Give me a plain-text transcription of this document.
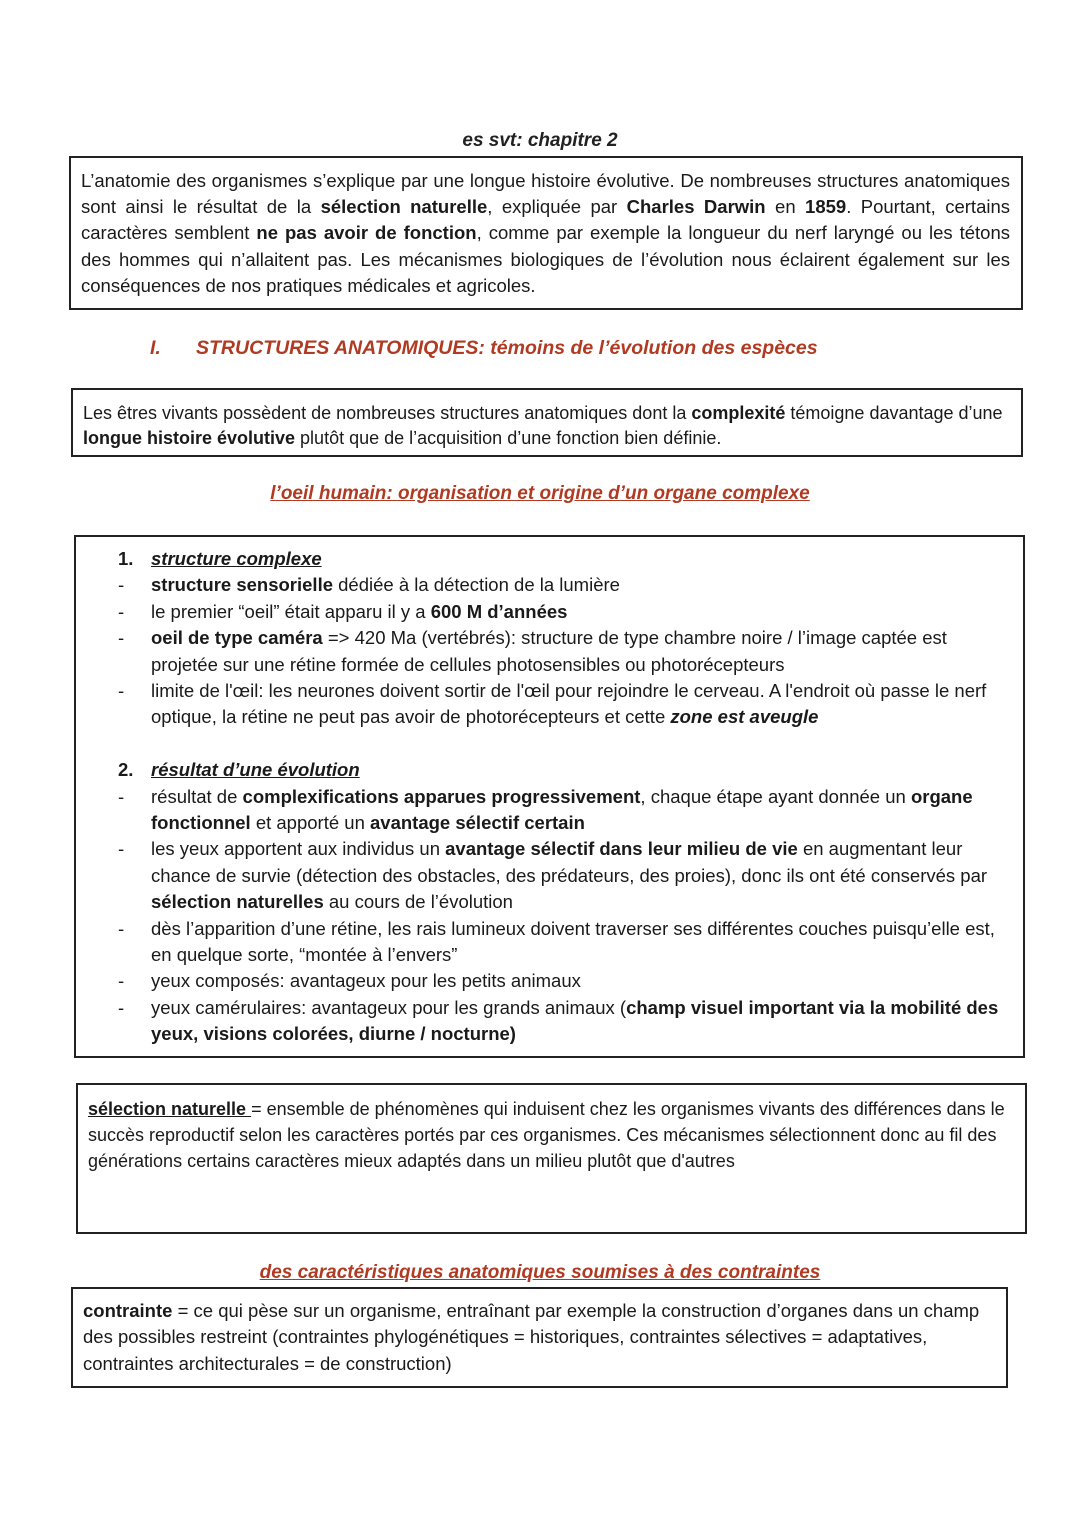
es svt: chapitre 2

L’anatomie des organismes s’explique par une longue histoire évolutive. De nombreuses structures anatomiques sont ainsi le résultat de la sélection naturelle, expliquée par Charles Darwin en 1859. Pourtant, certains caractères semblent ne pas avoir de fonction, comme par exemple la longueur du nerf laryngé ou les tétons des hommes qui n’allaitent pas. Les mécanismes biologiques de l’évolution nous éclairent également sur les conséquences de nos pratiques médicales et agricoles.

I. STRUCTURES ANATOMIQUES: témoins de l’évolution des espèces

Les êtres vivants possèdent de nombreuses structures anatomiques dont la complexité témoigne davantage d’une longue histoire évolutive plutôt que de l’acquisition d’une fonction bien définie.

l’oeil humain: organisation et origine d’un organe complexe
1. structure complexe
- structure sensorielle dédiée à la détection de la lumière
- le premier “oeil” était apparu il y a 600 M d’années
- oeil de type caméra => 420 Ma (vertébrés): structure de type chambre noire / l’image captée est projetée sur une rétine formée de cellules photosensibles ou photorécepteurs
- limite de l'œil: les neurones doivent sortir de l'œil pour rejoindre le cerveau. A l'endroit où passe le nerf optique, la rétine ne peut pas avoir de photorécepteurs et cette zone est aveugle
2. résultat d’une évolution
- résultat de complexifications apparues progressivement, chaque étape ayant donnée un organe fonctionnel et apporté un avantage sélectif certain
- les yeux apportent aux individus un avantage sélectif dans leur milieu de vie en augmentant leur chance de survie (détection des obstacles, des prédateurs, des proies), donc ils ont été conservés par sélection naturelles au cours de l’évolution
- dès l’apparition d’une rétine, les rais lumineux doivent traverser ses différentes couches puisqu’elle est, en quelque sorte, “montée à l’envers”
- yeux composés: avantageux pour les petits animaux
- yeux camérulaires: avantageux pour les grands animaux (champ visuel important via la mobilité des yeux, visions colorées, diurne / nocturne)

sélection naturelle = ensemble de phénomènes qui induisent chez les organismes vivants des différences dans le succès reproductif selon les caractères portés par ces organismes. Ces mécanismes sélectionnent donc au fil des générations certains caractères mieux adaptés dans un milieu plutôt que d'autres

des caractéristiques anatomiques soumises à des contraintes

contrainte = ce qui pèse sur un organisme, entraînant par exemple la construction d’organes dans un champ des possibles restreint (contraintes phylogénétiques = historiques, contraintes sélectives = adaptatives, contraintes architecturales = de construction)
